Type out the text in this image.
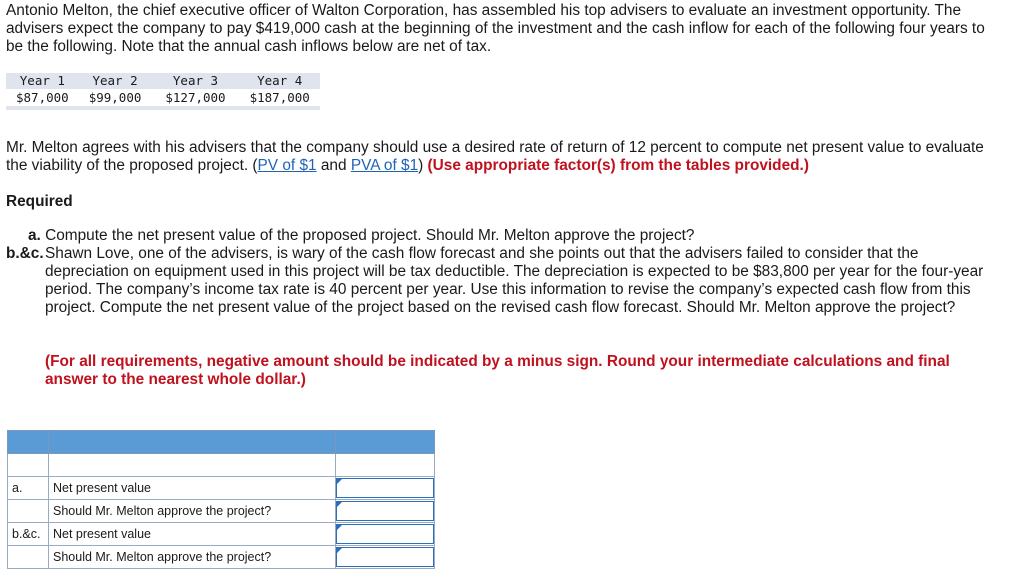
Antonio Melton, the chief executive officer of Walton Corporation, has assembled his top advisers to evaluate an investment opportunity. The advisers expect the company to pay $419,000 cash at the beginning of the investment and the cash inflow for each of the following four years to be the following. Note that the annual cash inflows below are net of tax.

Year 1	Year 2	Year 3	Year 4
$87,000	$99,000	$127,000	$187,000

Mr. Melton agrees with his advisers that the company should use a desired rate of return of 12 percent to compute net present value to evaluate the viability of the proposed project. (PV of $1 and PVA of $1) (Use appropriate factor(s) from the tables provided.)

Required

a. Compute the net present value of the proposed project. Should Mr. Melton approve the project?

b.&c. Shawn Love, one of the advisers, is wary of the cash flow forecast and she points out that the advisers failed to consider that the depreciation on equipment used in this project will be tax deductible. The depreciation is expected to be $83,800 per year for the four-year period. The company’s income tax rate is 40 percent per year. Use this information to revise the company’s expected cash flow from this project. Compute the net present value of the project based on the revised cash flow forecast. Should Mr. Melton approve the project?

(For all requirements, negative amount should be indicated by a minus sign. Round your intermediate calculations and final answer to the nearest whole dollar.)

a.	Net present value	

	Should Mr. Melton approve the project?	

b.&c.	Net present value	

	Should Mr. Melton approve the project?	
